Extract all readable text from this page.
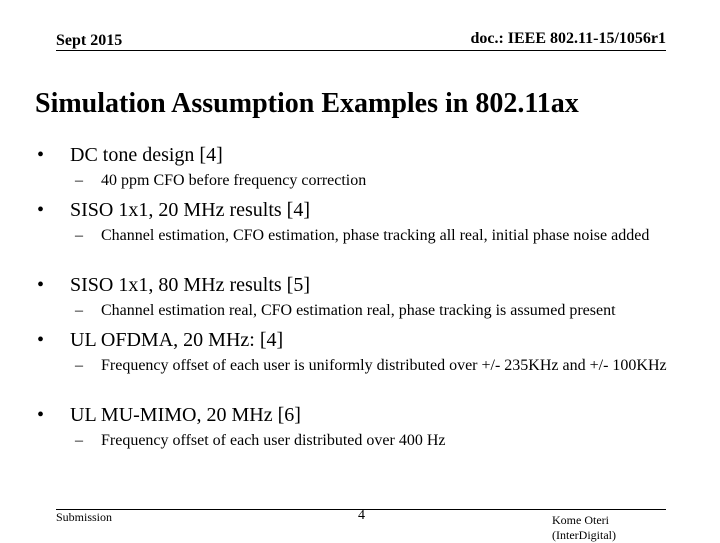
Sept 2015	doc.: IEEE 802.11-15/1056r1
Simulation Assumption Examples in 802.11ax
•	DC tone design [4]
– 40 ppm CFO before frequency correction
•	SISO 1x1, 20 MHz results [4]
– Channel estimation, CFO estimation, phase tracking all real, initial phase noise added
•	SISO 1x1, 80 MHz results [5]
– Channel estimation real, CFO estimation real, phase tracking is assumed present
•	UL OFDMA, 20 MHz: [4]
– Frequency offset of each user is uniformly distributed over +/- 235KHz and +/- 100KHz
•	UL MU-MIMO, 20 MHz [6]
– Frequency offset of each user distributed over 400 Hz
Submission	4	Kome Oteri
(InterDigital)
